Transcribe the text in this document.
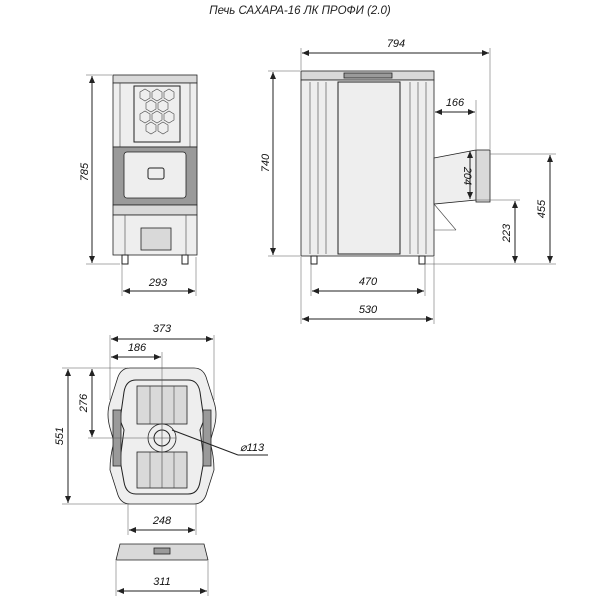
Печь САХАРА-16 ЛК ПРОФИ (2.0)
785
293
794
740
166
204
455
223
470
530
373
186
551
276
⌀113
248
311
